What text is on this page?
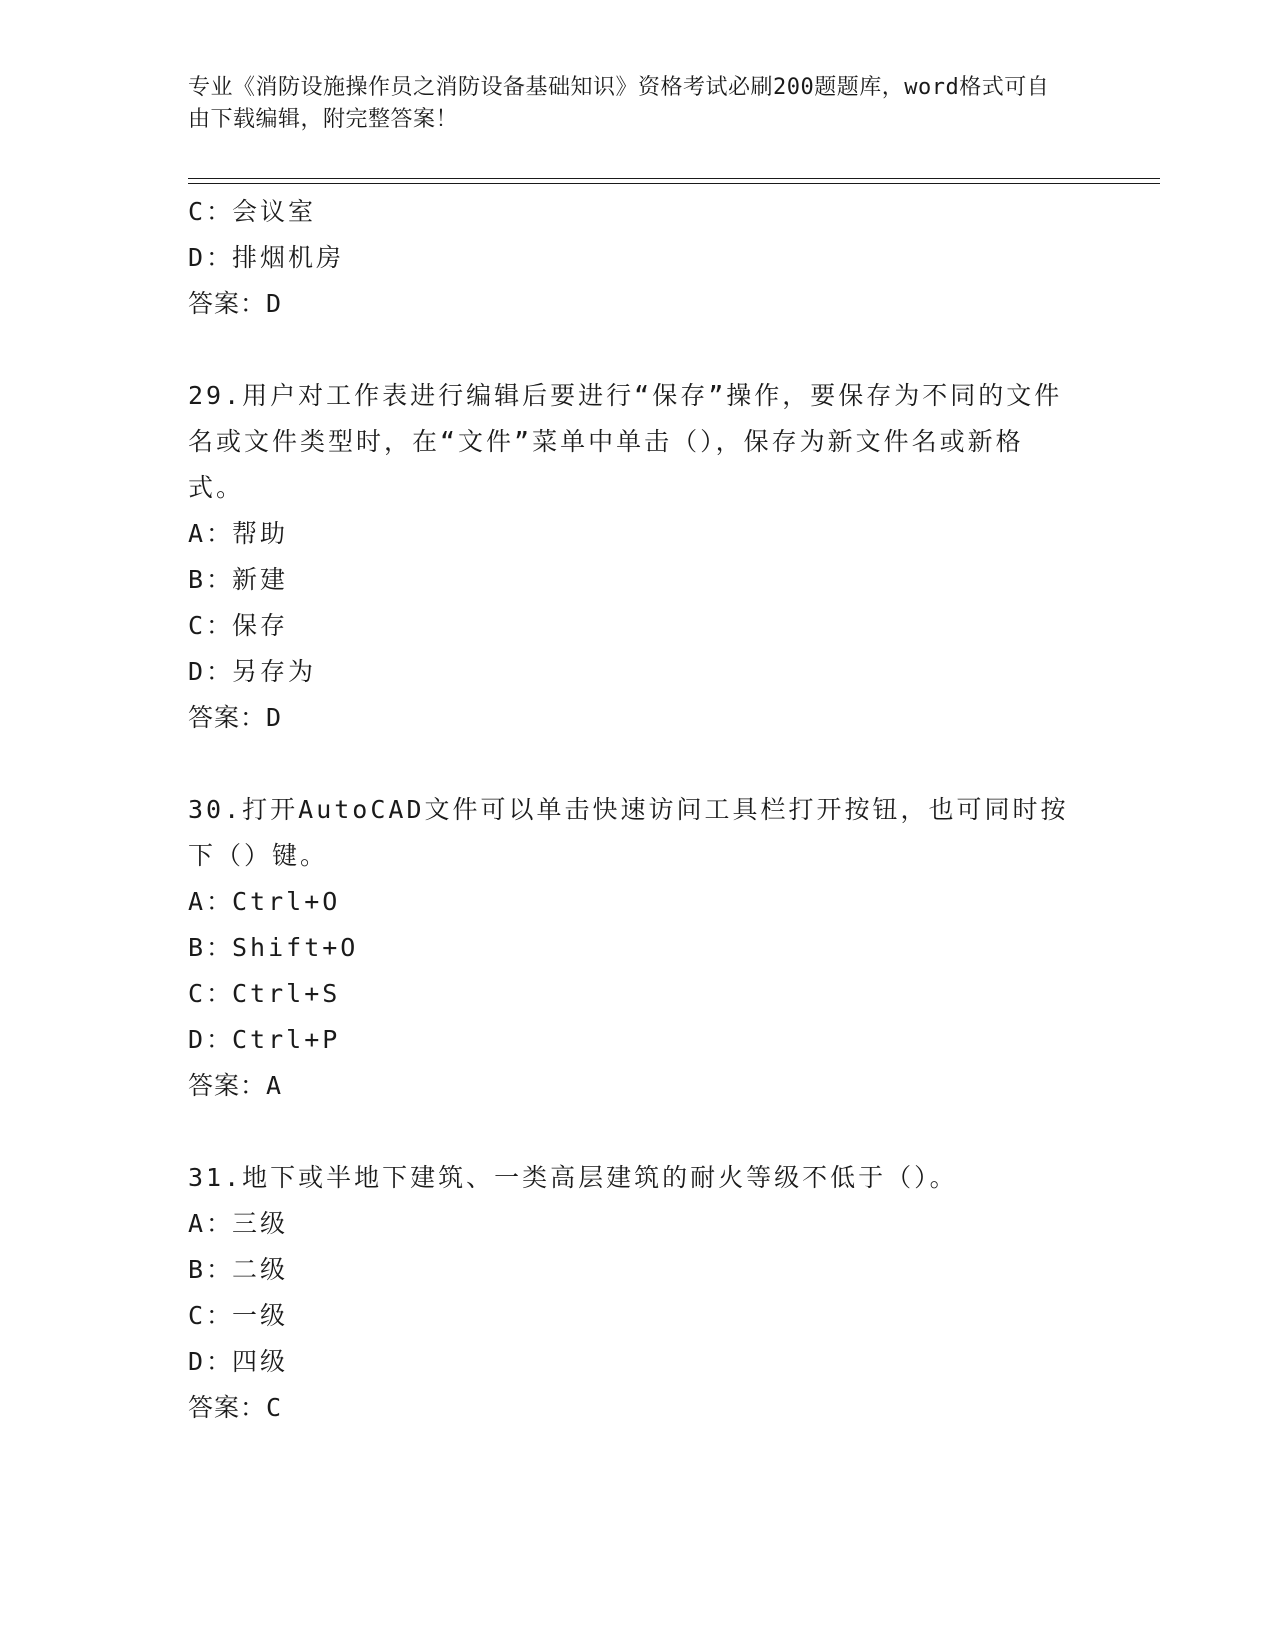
专业《消防设施操作员之消防设备基础知识》资格考试必刷200题题库，word格式可自由下载编辑，附完整答案！
C：会议室
D：排烟机房
答案：D
29.用户对工作表进行编辑后要进行“保存”操作，要保存为不同的文件名或文件类型时，在“文件”菜单中单击（），保存为新文件名或新格式。
A：帮助
B：新建
C：保存
D：另存为
答案：D
30.打开AutoCAD文件可以单击快速访问工具栏打开按钮，也可同时按下（）键。
A：Ctrl+O
B：Shift+O
C：Ctrl+S
D：Ctrl+P
答案：A
31.地下或半地下建筑、一类高层建筑的耐火等级不低于（）。
A：三级
B：二级
C：一级
D：四级
答案：C
